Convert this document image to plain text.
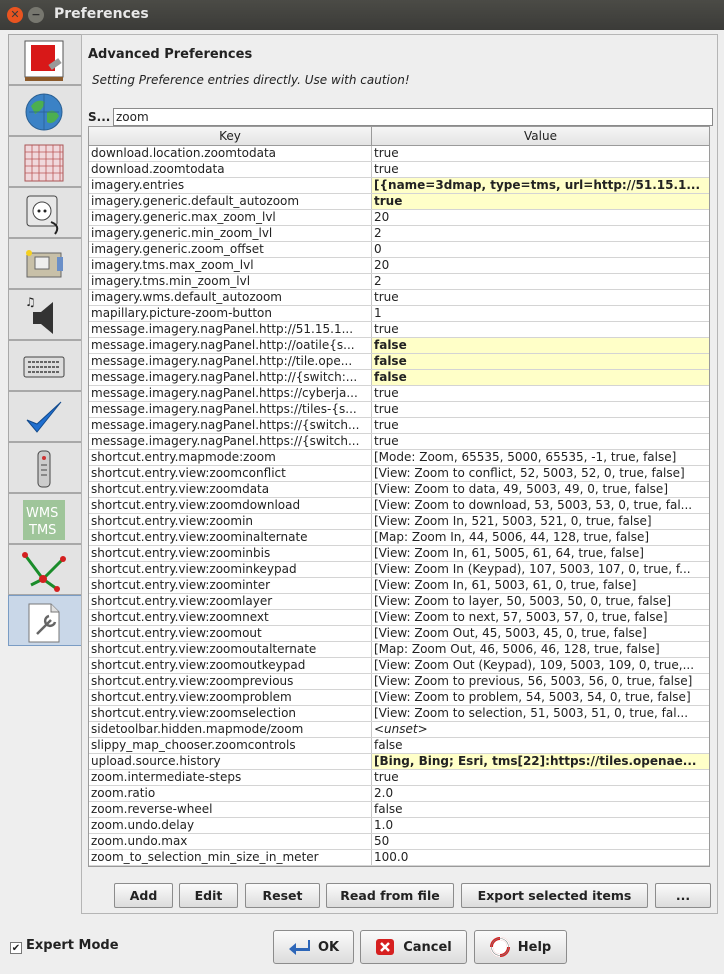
✕	− Preferences
♫
WMS
TMS
Advanced Preferences
Setting Preference entries directly. Use with caution!
S...
zoom
Key	Value
download.location.zoomtodata	true
download.zoomtodata	true
imagery.entries	[{name=3dmap, type=tms, url=http://51.15.1...
imagery.generic.default_autozoom	true
imagery.generic.max_zoom_lvl	20
imagery.generic.min_zoom_lvl	2
imagery.generic.zoom_offset	0
imagery.tms.max_zoom_lvl	20
imagery.tms.min_zoom_lvl	2
imagery.wms.default_autozoom	true
mapillary.picture-zoom-button	1
message.imagery.nagPanel.http://51.15.1...	true
message.imagery.nagPanel.http://oatile{s...	false
message.imagery.nagPanel.http://tile.ope...	false
message.imagery.nagPanel.http://{switch:...	false
message.imagery.nagPanel.https://cyberja...	true
message.imagery.nagPanel.https://tiles-{s...	true
message.imagery.nagPanel.https://{switch...	true
message.imagery.nagPanel.https://{switch...	true
shortcut.entry.mapmode:zoom	[Mode: Zoom, 65535, 5000, 65535, -1, true, false]
shortcut.entry.view:zoomconflict	[View: Zoom to conflict, 52, 5003, 52, 0, true, false]
shortcut.entry.view:zoomdata	[View: Zoom to data, 49, 5003, 49, 0, true, false]
shortcut.entry.view:zoomdownload	[View: Zoom to download, 53, 5003, 53, 0, true, fal...
shortcut.entry.view:zoomin	[View: Zoom In, 521, 5003, 521, 0, true, false]
shortcut.entry.view:zoominalternate	[Map: Zoom In, 44, 5006, 44, 128, true, false]
shortcut.entry.view:zoominbis	[View: Zoom In, 61, 5005, 61, 64, true, false]
shortcut.entry.view:zoominkeypad	[View: Zoom In (Keypad), 107, 5003, 107, 0, true, f...
shortcut.entry.view:zoominter	[View: Zoom In, 61, 5003, 61, 0, true, false]
shortcut.entry.view:zoomlayer	[View: Zoom to layer, 50, 5003, 50, 0, true, false]
shortcut.entry.view:zoomnext	[View: Zoom to next, 57, 5003, 57, 0, true, false]
shortcut.entry.view:zoomout	[View: Zoom Out, 45, 5003, 45, 0, true, false]
shortcut.entry.view:zoomoutalternate	[Map: Zoom Out, 46, 5006, 46, 128, true, false]
shortcut.entry.view:zoomoutkeypad	[View: Zoom Out (Keypad), 109, 5003, 109, 0, true,...
shortcut.entry.view:zoomprevious	[View: Zoom to previous, 56, 5003, 56, 0, true, false]
shortcut.entry.view:zoomproblem	[View: Zoom to problem, 54, 5003, 54, 0, true, false]
shortcut.entry.view:zoomselection	[View: Zoom to selection, 51, 5003, 51, 0, true, fal...
sidetoolbar.hidden.mapmode/zoom	<unset>
slippy_map_chooser.zoomcontrols	false
upload.source.history	[Bing, Bing; Esri, tms[22]:https://tiles.openae...
zoom.intermediate-steps	true
zoom.ratio	2.0
zoom.reverse-wheel	false
zoom.undo.delay	1.0
zoom.undo.max	50
zoom_to_selection_min_size_in_meter	100.0
Add	Edit	Reset	Read from file	Export selected items	...
✔ Expert Mode	OK	Cancel	Help
